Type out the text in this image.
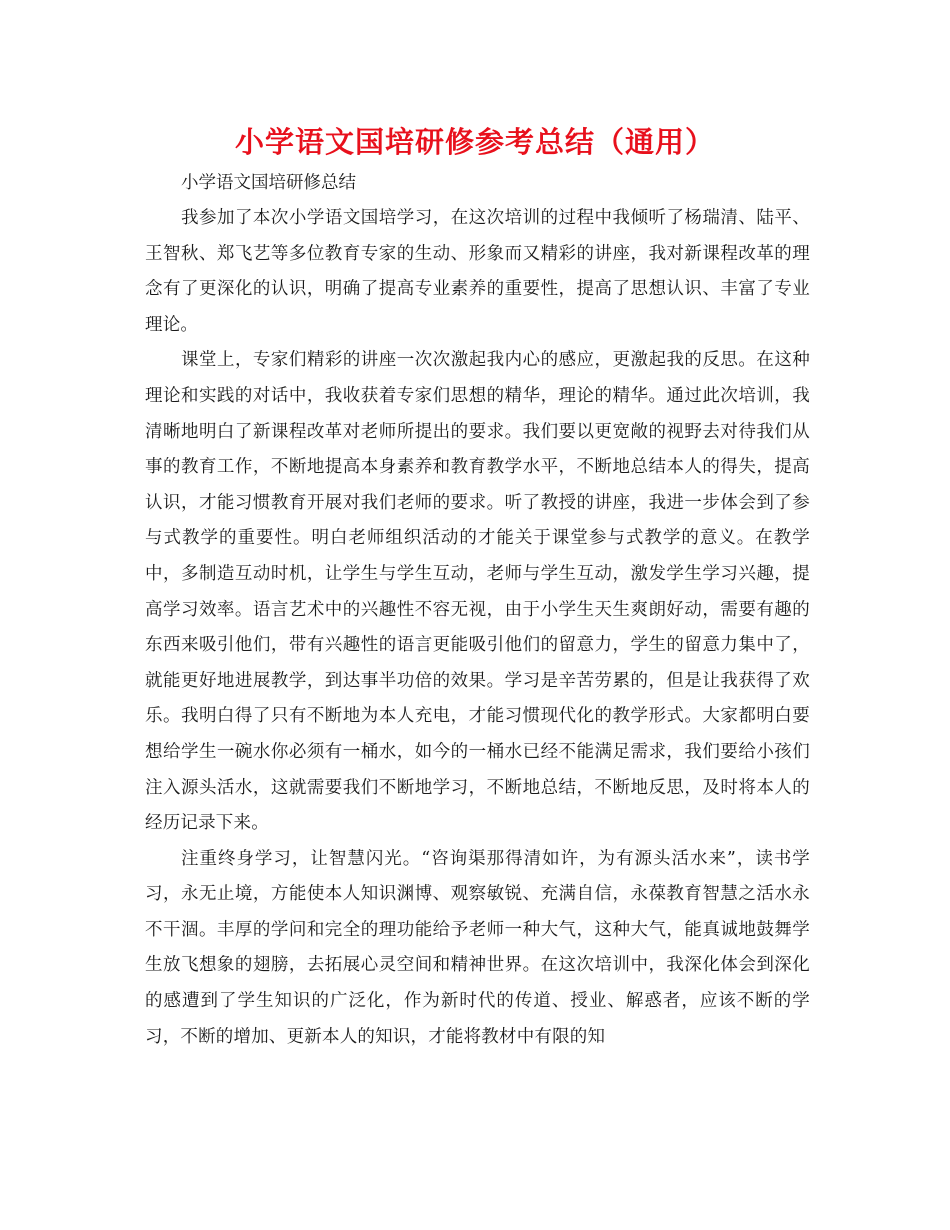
小学语文国培研修参考总结（通用）

小学语文国培研修总结

我参加了本次小学语文国培学习，在这次培训的过程中我倾听了杨瑞清、陆平、王智秋、郑飞艺等多位教育专家的生动、形象而又精彩的讲座，我对新课程改革的理念有了更深化的认识，明确了提高专业素养的重要性，提高了思想认识、丰富了专业理论。

课堂上，专家们精彩的讲座一次次激起我内心的感应，更激起我的反思。在这种理论和实践的对话中，我收获着专家们思想的精华，理论的精华。通过此次培训，我清晰地明白了新课程改革对老师所提出的要求。我们要以更宽敞的视野去对待我们从事的教育工作，不断地提高本身素养和教育教学水平，不断地总结本人的得失，提高认识，才能习惯教育开展对我们老师的要求。听了教授的讲座，我进一步体会到了参与式教学的重要性。明白老师组织活动的才能关于课堂参与式教学的意义。在教学中，多制造互动时机，让学生与学生互动，老师与学生互动，激发学生学习兴趣，提高学习效率。语言艺术中的兴趣性不容无视，由于小学生天生爽朗好动，需要有趣的东西来吸引他们，带有兴趣性的语言更能吸引他们的留意力，学生的留意力集中了，就能更好地进展教学，到达事半功倍的效果。学习是辛苦劳累的，但是让我获得了欢乐。我明白得了只有不断地为本人充电，才能习惯现代化的教学形式。大家都明白要想给学生一碗水你必须有一桶水，如今的一桶水已经不能满足需求，我们要给小孩们注入源头活水，这就需要我们不断地学习，不断地总结，不断地反思，及时将本人的经历记录下来。

注重终身学习，让智慧闪光。“咨询渠那得清如许，为有源头活水来”，读书学习，永无止境，方能使本人知识渊博、观察敏锐、充满自信，永葆教育智慧之活水永不干涸。丰厚的学问和完全的理功能给予老师一种大气，这种大气，能真诚地鼓舞学生放飞想象的翅膀，去拓展心灵空间和精神世界。在这次培训中，我深化体会到深化的感遭到了学生知识的广泛化，作为新时代的传道、授业、解惑者，应该不断的学习，不断的增加、更新本人的知识，才能将教材中有限的知
